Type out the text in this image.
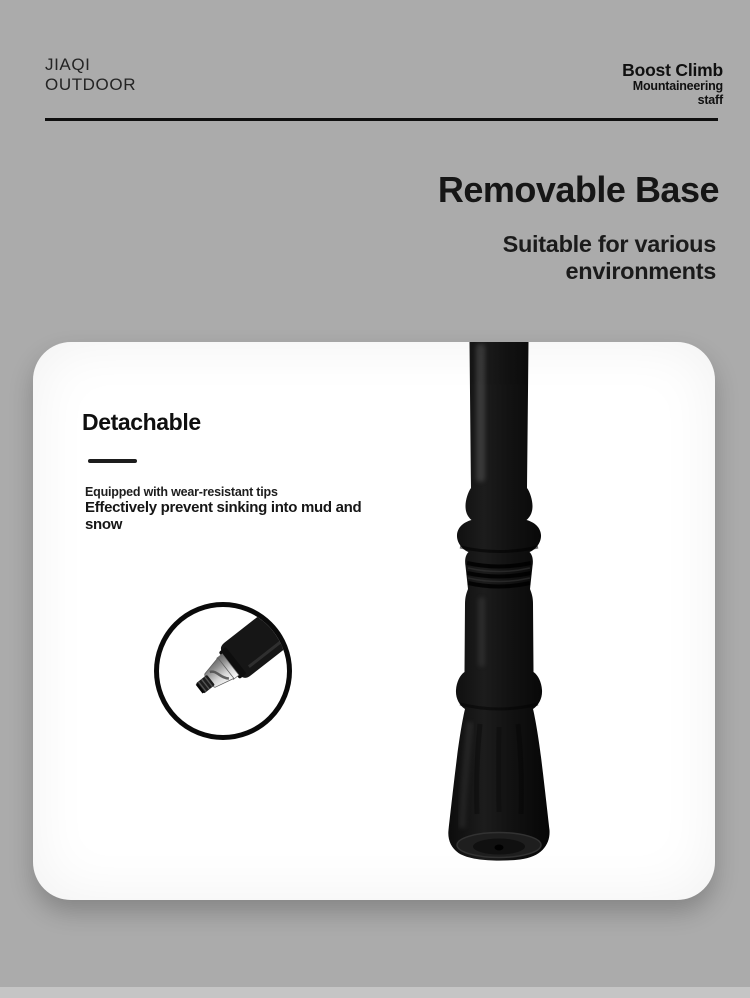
JIAQI
OUTDOOR
Boost Climb
Mountaineering
staff
Removable Base
Suitable for various
environments
Detachable

Equipped with wear-resistant tips

Effectively prevent sinking into mud and
snow
